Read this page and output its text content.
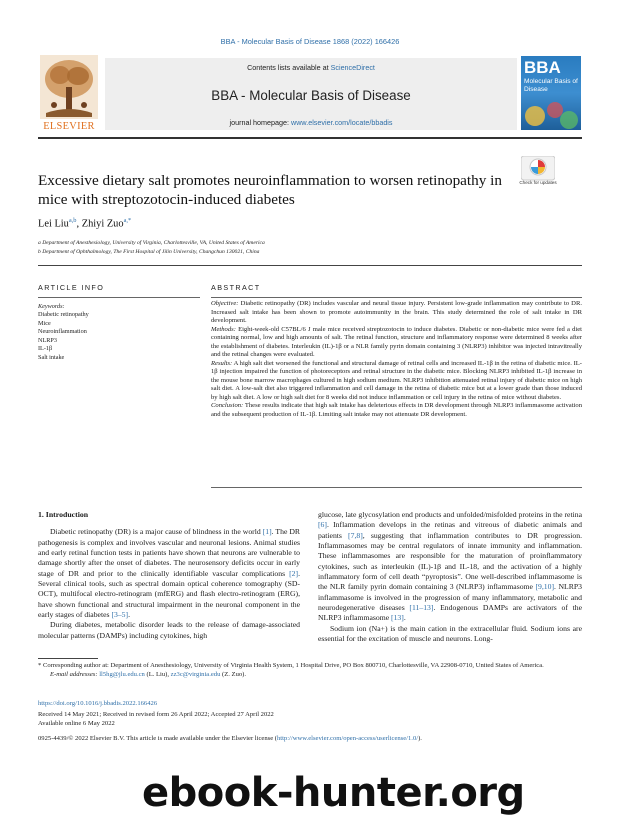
BBA - Molecular Basis of Disease 1868 (2022) 166426
Contents lists available at ScienceDirect
BBA - Molecular Basis of Disease
journal homepage: www.elsevier.com/locate/bbadis
ELSEVIER
BBA
Molecular Basis of Disease
Excessive dietary salt promotes neuroinflammation to worsen retinopathy in mice with streptozotocin-induced diabetes
Check for updates
Lei Liu$^{a,b}$, Zhiyi Zuo$^{a,*}$
a Department of Anesthesiology, University of Virginia, Charlottesville, VA, United States of America
b Department of Ophthalmology, The First Hospital of Jilin University, Changchun 130021, China
ARTICLE INFO	ABSTRACT
Keywords:
Diabetic retinopathy
Mice
Neuroinflammation
NLRP3
IL-1β
Salt intake

Objective: Diabetic retinopathy (DR) includes vascular and neural tissue injury. Persistent low-grade inflammation may contribute to DR. Increased salt intake has been shown to promote autoimmunity in the brain. This study determined the role of salt intake in DR development.

Methods: Eight-week-old C57BL/6 J male mice received streptozotocin to induce diabetes. Diabetic or non-diabetic mice were fed a diet containing normal, low and high amounts of salt. The retinal function, structure and inflammatory response were determined 8 weeks after the establishment of diabetes. Interleukin (IL)-1β or a NLR family pyrin domain containing 3 (NLRP3) inhibitor was injected intravitreally and the retinal changes were evaluated.

Results: A high salt diet worsened the functional and structural damage of retinal cells and increased IL-1β in the retina of diabetic mice. IL-1β injection impaired the function of photoreceptors and retinal structure in the diabetic mice. Blocking NLRP3 inhibited IL-1β increase in the mouse bone marrow macrophages cultured in high sodium medium. NLRP3 inhibition attenuated retinal injury of diabetic mice on high salt diet. A low-salt diet also triggered inflammation and cell damage in the retina of diabetic mice but at a lower grade than those induced by high salt diet. A low or high salt diet for 8 weeks did not induce inflammation or cell injury in the retina of mice without diabetes.

Conclusion: These results indicate that high salt intake has deleterious effects in DR development through NLRP3 inflammasome activation and the subsequent production of IL-1β. Limiting salt intake may not attenuate DR development.

1. Introduction

Diabetic retinopathy (DR) is a major cause of blindness in the world [1]. The DR pathogenesis is complex and involves vascular and neuronal lesions. Animal studies and early retinal function tests in patients have shown that neurons are vulnerable to damage shortly after the onset of diabetes. The neurosensory deficits occur in early stage of DR and prior to the clinically identifiable vascular complications [2]. Several clinical tools, such as spectral domain optical coherence tomography (SD-OCT), multifocal electro-retinogram (mfERG) and flash electro-retinogram (ERG), have shown functional and structural impairment in the neuronal component in the early stages of diabetes [3–5].

During diabetes, metabolic disorder leads to the release of damage-associated molecular patterns (DAMPs) including cytokines, high

glucose, late glycosylation end products and unfolded/misfolded proteins in the retina [6]. Inflammation develops in the retinas and vitreous of diabetic animals and patients [7,8], suggesting that inflammation contributes to DR progression. Inflammasomes may be central regulators of innate immunity and inflammation. These inflammasomes are responsible for the maturation of proinflammatory cytokines, such as interleukin (IL)-1β and IL-18, and the activation of a highly inflammatory form of cell death “pyroptosis”. One well-described inflammasome is the NLR family pyrin domain containing 3 (NLRP3) inflammasome [9,10]. NLRP3 inflammasome is involved in the progression of many inflammatory, metabolic and neurodegenerative diseases [11–13]. Endogenous DAMPs are activators of the NLRP3 inflammasome [13].

Sodium ion (Na+) is the main cation in the extracellular fluid. Sodium ions are essential for the excitation of muscle and neurons. Long-

* Corresponding author at: Department of Anesthesiology, University of Virginia Health System, 1 Hospital Drive, PO Box 800710, Charlottesville, VA 22908-0710, United States of America.

E-mail addresses: ll5hg@jlu.edu.cn (L. Liu), zz3c@virginia.edu (Z. Zuo).

https://doi.org/10.1016/j.bbadis.2022.166426
Received 14 May 2021; Received in revised form 26 April 2022; Accepted 27 April 2022
Available online 6 May 2022
0925-4439/© 2022 Elsevier B.V. This article is made available under the Elsevier license (http://www.elsevier.com/open-access/userlicense/1.0/).
ebook-hunter.org
